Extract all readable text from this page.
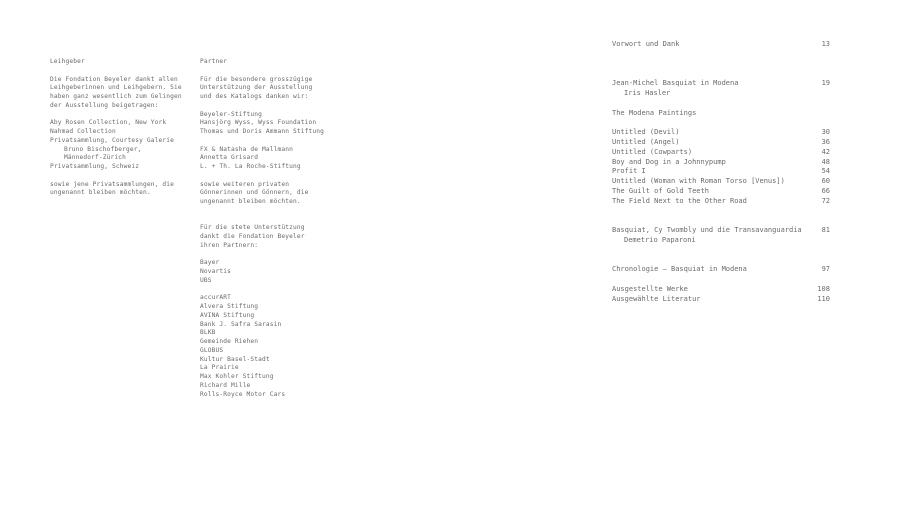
Leihgeber
Die Fondation Beyeler dankt allen
Leihgeberinnen und Leihgebern. Sie
haben ganz wesentlich zum Gelingen
der Ausstellung beigetragen:
Aby Rosen Collection, New York
Nahmad Collection
Privatsammlung, Courtesy Galerie
Bruno Bischofberger,
Männedorf-Zürich
Privatsammlung, Schweiz
sowie jene Privatsammlungen, die
ungenannt bleiben möchten.
Partner
Für die besondere grosszügige
Unterstützung der Ausstellung
und des Katalogs danken wir:
Beyeler-Stiftung
Hansjörg Wyss, Wyss Foundation
Thomas und Doris Ammann Stiftung
FX & Natasha de Mallmann
Annetta Grisard
L. + Th. La Roche-Stiftung
sowie weiteren privaten
Gönnerinnen und Gönnern, die
ungenannt bleiben möchten.
Für die stete Unterstützung
dankt die Fondation Beyeler
ihren Partnern:
Bayer
Novartis
UBS
accurART
Alvera Stiftung
AVINA Stiftung
Bank J. Safra Sarasin
BLKB
Gemeinde Riehen
GLOBUS
Kultur Basel-Stadt
La Prairie
Max Kohler Stiftung
Richard Mille
Rolls-Royce Motor Cars
Vorwort und Dank	13
Jean-Michel Basquiat in Modena	19
Iris Hasler
The Modena Paintings
Untitled (Devil)	30
Untitled (Angel)	36
Untitled (Cowparts)	42
Boy and Dog in a Johnnypump	48
Profit I	54
Untitled (Woman with Roman Torso [Venus])	60
The Guilt of Gold Teeth	66
The Field Next to the Other Road	72
Basquiat, Cy Twombly und die Transavanguardia	81
Demetrio Paparoni
Chronologie – Basquiat in Modena	97
Ausgestellte Werke	108
Ausgewählte Literatur	110
